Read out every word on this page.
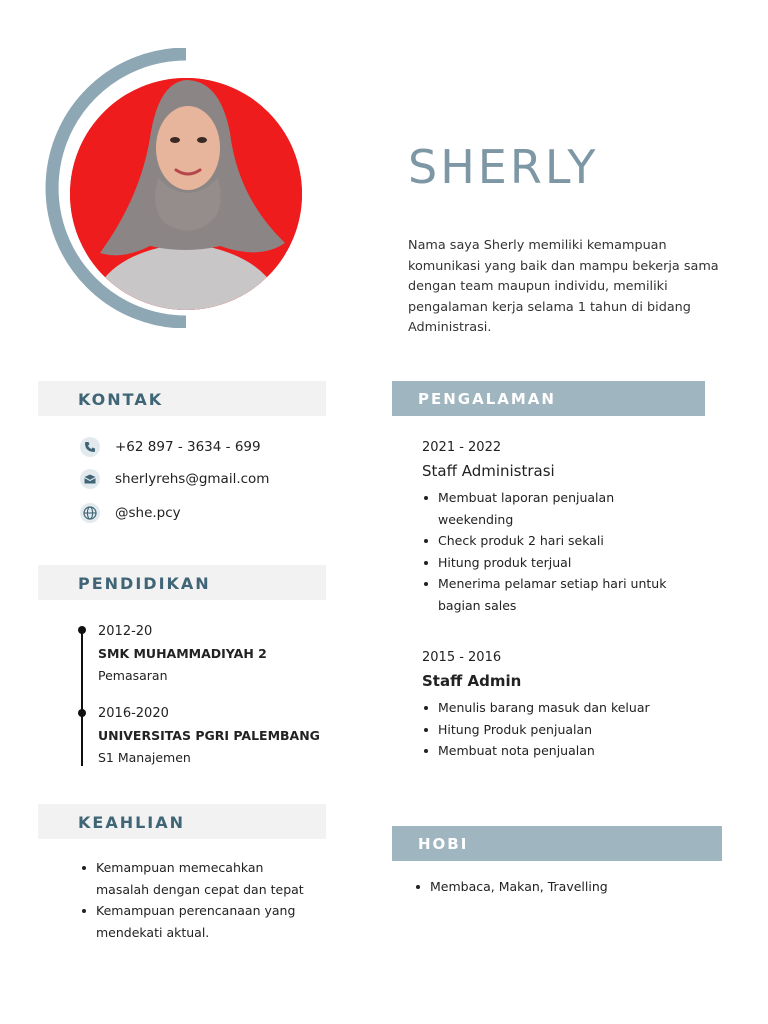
SHERLY
Nama saya Sherly memiliki kemampuan komunikasi yang baik dan mampu bekerja sama dengan team maupun individu, memiliki pengalaman kerja selama 1 tahun di bidang Administrasi.
KONTAK
+62 897 - 3634 - 699
sherlyrehs@gmail.com
@she.pcy
PENDIDIKAN
2012-20
SMK MUHAMMADIYAH 2
Pemasaran
2016-2020
UNIVERSITAS PGRI PALEMBANG
S1 Manajemen
KEAHLIAN
Kemampuan memecahkan masalah dengan cepat dan tepat
Kemampuan perencanaan yang mendekati aktual.
PENGALAMAN
2021 - 2022
Staff Administrasi
Membuat laporan penjualan weekending
Check produk 2 hari sekali
Hitung produk terjual
Menerima pelamar setiap hari untuk bagian sales
2015 - 2016
Staff Admin
Menulis barang masuk dan keluar
Hitung Produk penjualan
Membuat nota penjualan
HOBI
Membaca, Makan, Travelling
